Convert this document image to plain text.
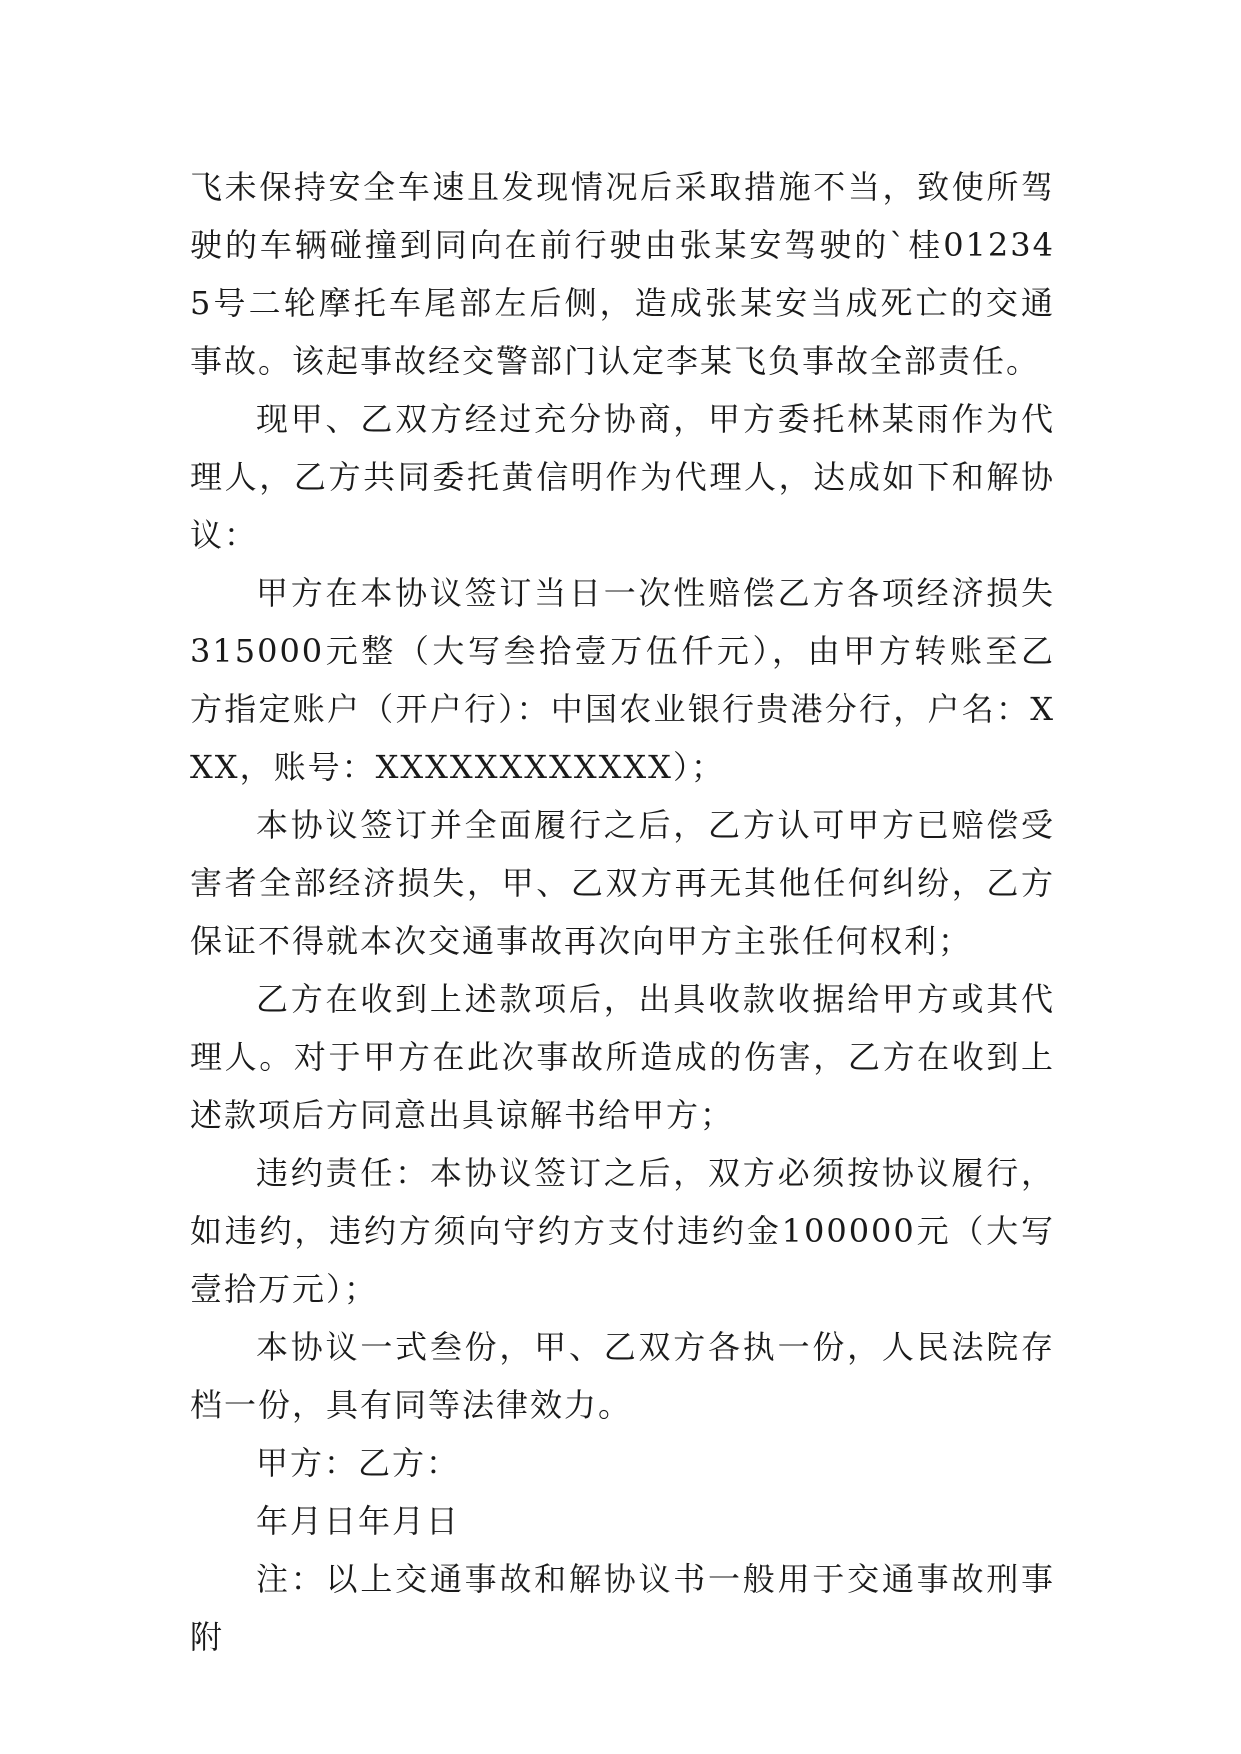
飞未保持安全车速且发现情况后采取措施不当，致使所驾驶的车辆碰撞到同向在前行驶由张某安驾驶的`桂012345号二轮摩托车尾部左后侧，造成张某安当成死亡的交通事故。该起事故经交警部门认定李某飞负事故全部责任。

现甲、乙双方经过充分协商，甲方委托林某雨作为代理人，乙方共同委托黄信明作为代理人，达成如下和解协议：

甲方在本协议签订当日一次性赔偿乙方各项经济损失315000元整（大写叁拾壹万伍仟元），由甲方转账至乙方指定账户（开户行）：中国农业银行贵港分行，户名：XXX，账号：XXXXXXXXXXXX）；

本协议签订并全面履行之后，乙方认可甲方已赔偿受害者全部经济损失，甲、乙双方再无其他任何纠纷，乙方保证不得就本次交通事故再次向甲方主张任何权利；

乙方在收到上述款项后，出具收款收据给甲方或其代理人。对于甲方在此次事故所造成的伤害，乙方在收到上述款项后方同意出具谅解书给甲方；

违约责任：本协议签订之后，双方必须按协议履行，如违约，违约方须向守约方支付违约金100000元（大写壹拾万元）；

本协议一式叁份，甲、乙双方各执一份，人民法院存档一份，具有同等法律效力。

甲方：乙方：

年月日年月日

注：以上交通事故和解协议书一般用于交通事故刑事附
